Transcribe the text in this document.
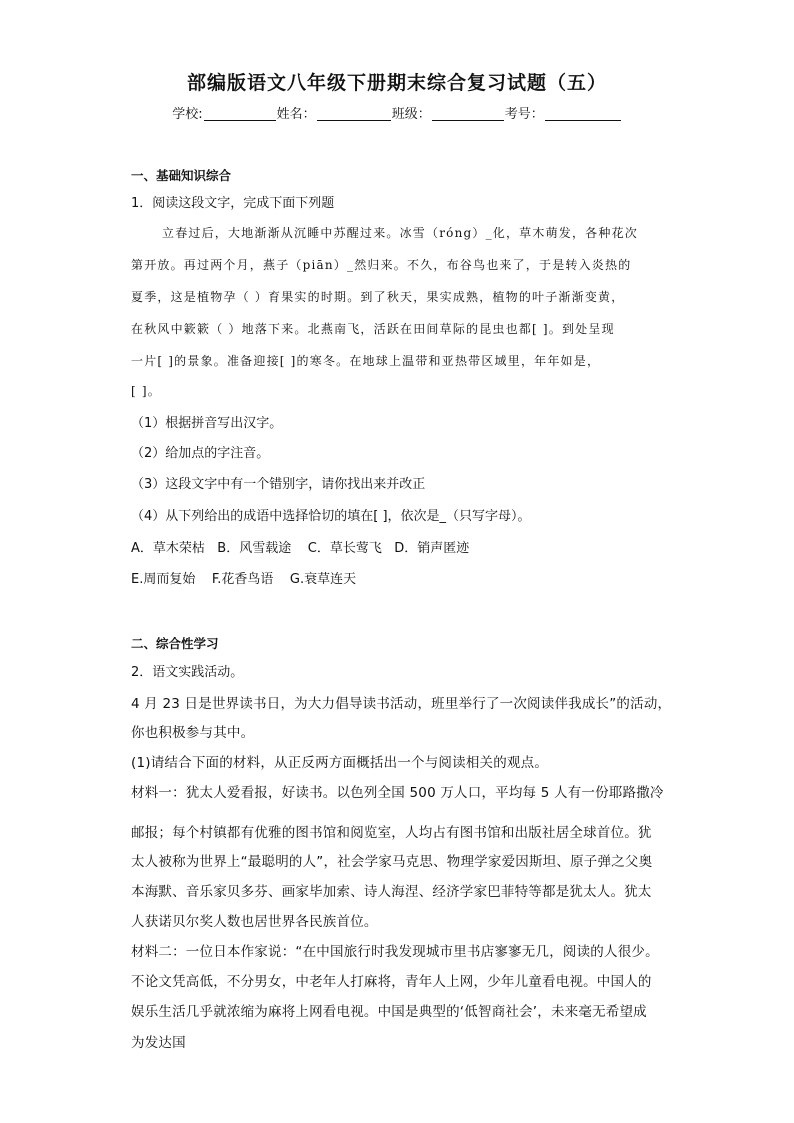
部编版语文八年级下册期末综合复习试题（五）
学校:	姓名：	班级：	考号：
一、基础知识综合
1．阅读这段文字，完成下面下列题
立春过后，大地渐渐从沉睡中苏醒过来。冰雪（róng）_化，草木萌发，各种花次
第开放。再过两个月，燕子（piān）_然归来。不久，布谷鸟也来了，于是转入炎热的
夏季，这是植物孕（ ）育果实的时期。到了秋天，果实成熟，植物的叶子渐渐变黄，
在秋风中簌簌（ ）地落下来。北燕南飞，活跃在田间草际的昆虫也都[ ]。到处呈现
一片[ ]的景象。准备迎接[ ]的寒冬。在地球上温带和亚热带区域里，年年如是，
[ ]。
（1）根据拼音写出汉字。
（2）给加点的字注音。
（3）这段文字中有一个错别字，请你找出来并改正
（4）从下列给出的成语中选择恰切的填在[ ]，依次是_（只写字母）。
A．草木荣枯   B．风雪载途    C．草长莺飞   D．销声匿迹
E.周而复始    F.花香鸟语    G.衰草连天
二、综合性学习
2．语文实践活动。
4 月 23 日是世界读书日，为大力倡导读书活动，班里举行了一次阅读伴我成长”的活动，
你也积极参与其中。
(1)请结合下面的材料，从正反两方面概括出一个与阅读相关的观点。
材料一：犹太人爱看报，好读书。以色列全国 500 万人口，平均每 5 人有一份耶路撒冷
邮报；每个村镇都有优雅的图书馆和阅览室，人均占有图书馆和出版社居全球首位。犹
太人被称为世界上“最聪明的人”，社会学家马克思、物理学家爱因斯坦、原子弹之父奥
本海默、音乐家贝多芬、画家毕加索、诗人海涅、经济学家巴菲特等都是犹太人。犹太
人获诺贝尔奖人数也居世界各民族首位。
材料二：一位日本作家说：“在中国旅行时我发现城市里书店寥寥无几，阅读的人很少。
不论文凭高低，不分男女，中老年人打麻将，青年人上网，少年儿童看电视。中国人的
娱乐生活几乎就浓缩为麻将上网看电视。中国是典型的‘低智商社会’，未来毫无希望成
为发达国
